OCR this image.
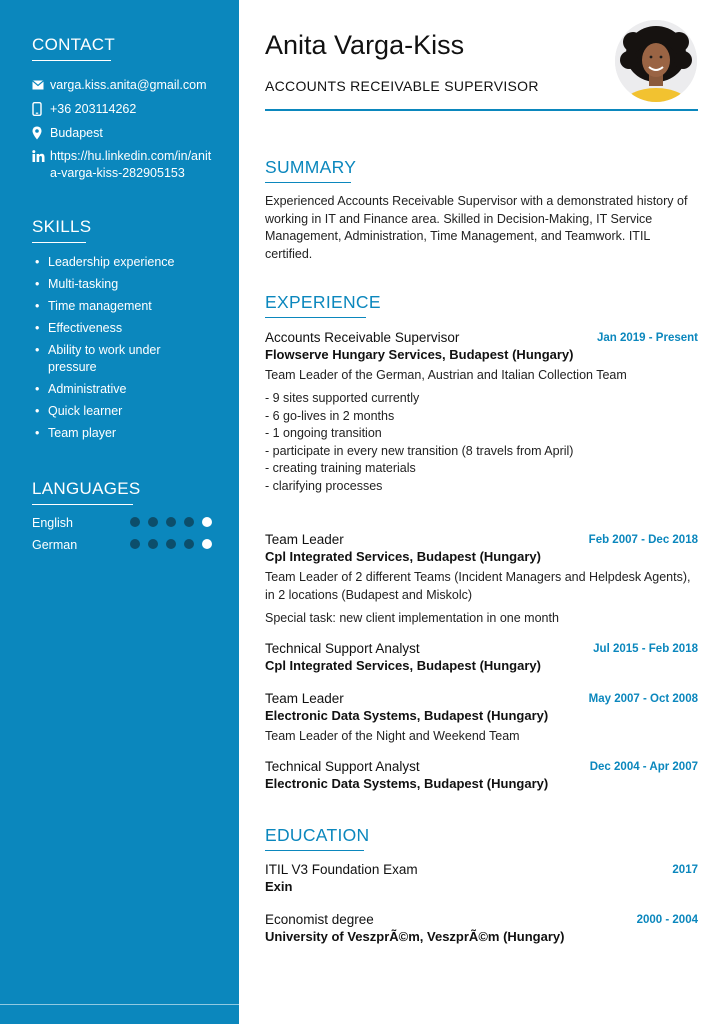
CONTACT
varga.kiss.anita@gmail.com
+36 203114262
Budapest
https://hu.linkedin.com/in/anita-varga-kiss-282905153
SKILLS
• Leadership experience
• Multi-tasking
• Time management
• Effectiveness
• Ability to work under pressure
• Administrative
• Quick learner
• Team player
LANGUAGES
English
German
Anita Varga-Kiss
ACCOUNTS RECEIVABLE SUPERVISOR
SUMMARY
Experienced Accounts Receivable Supervisor with a demonstrated history of working in IT and Finance area. Skilled in Decision-Making, IT Service Management, Administration, Time Management, and Teamwork. ITIL certified.
EXPERIENCE
Accounts Receivable Supervisor	Jan 2019 - Present
Flowserve Hungary Services, Budapest (Hungary)
Team Leader of the German, Austrian and Italian Collection Team
- 9 sites supported currently
- 6 go-lives in 2 months
- 1 ongoing transition
- participate in every new transition (8 travels from April)
- creating training materials
- clarifying processes
Team Leader	Feb 2007 - Dec 2018
Cpl Integrated Services, Budapest (Hungary)
Team Leader of 2 different Teams (Incident Managers and Helpdesk Agents), in 2 locations (Budapest and Miskolc)
Special task: new client implementation in one month
Technical Support Analyst	Jul 2015 - Feb 2018
Cpl Integrated Services, Budapest (Hungary)
Team Leader	May 2007 - Oct 2008
Electronic Data Systems, Budapest (Hungary)
Team Leader of the Night and Weekend Team
Technical Support Analyst	Dec 2004 - Apr 2007
Electronic Data Systems, Budapest (Hungary)
EDUCATION
ITIL V3 Foundation Exam	2017
Exin
Economist degree	2000 - 2004
University of VeszprÃ©m, VeszprÃ©m (Hungary)
